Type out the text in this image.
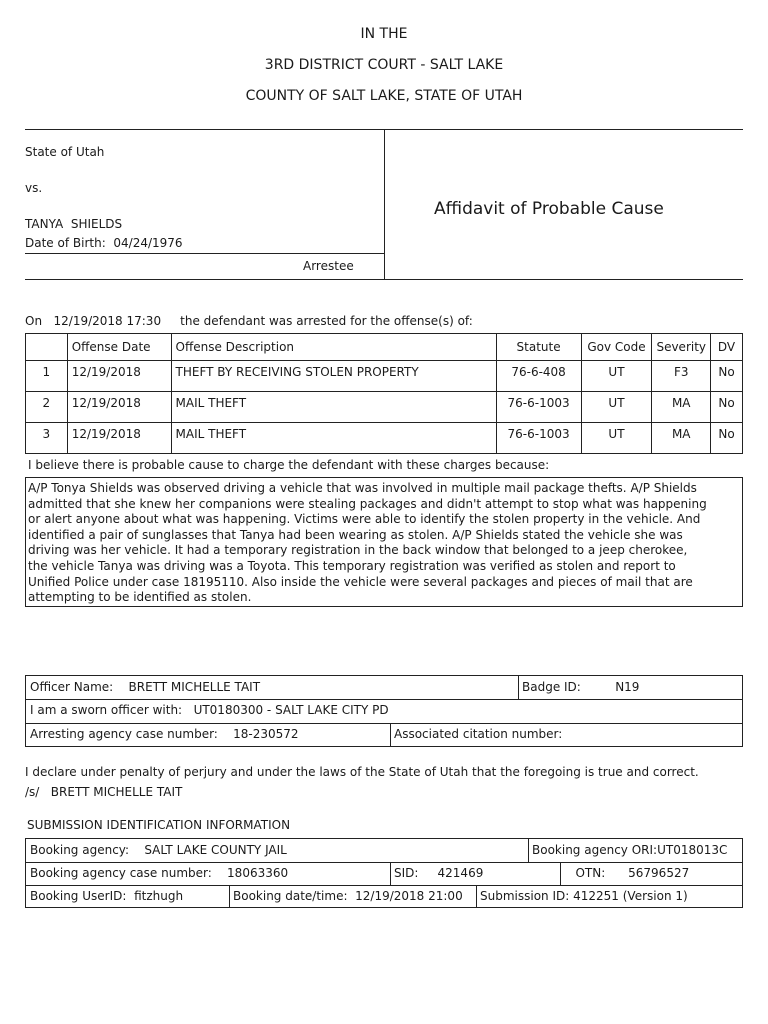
IN THE
3RD DISTRICT COURT - SALT LAKE
COUNTY OF SALT LAKE, STATE OF UTAH
State of Utah
vs.
TANYA  SHIELDS
Date of Birth: 04/24/1976
Arrestee
Affidavit of Probable Cause
On 12/19/2018 17:30 the defendant was arrested for the offense(s) of:
	Offense Date	Offense Description	Statute	Gov Code	Severity	DV
1	12/19/2018	THEFT BY RECEIVING STOLEN PROPERTY	76-6-408	UT	F3	No
2	12/19/2018	MAIL THEFT	76-6-1003	UT	MA	No
3	12/19/2018	MAIL THEFT	76-6-1003	UT	MA	No
I believe there is probable cause to charge the defendant with these charges because:
A/P Tonya Shields was observed driving a vehicle that was involved in multiple mail package thefts. A/P Shields
admitted that she knew her companions were stealing packages and didn't attempt to stop what was happening
or alert anyone about what was happening. Victims were able to identify the stolen property in the vehicle. And
identified a pair of sunglasses that Tanya had been wearing as stolen. A/P Shields stated the vehicle she was
driving was her vehicle. It had a temporary registration in the back window that belonged to a jeep cherokee,
the vehicle Tanya was driving was a Toyota. This temporary registration was verified as stolen and report to
Unified Police under case 18195110. Also inside the vehicle were several packages and pieces of mail that are
attempting to be identified as stolen.
Officer Name: BRETT MICHELLE TAIT	Badge ID:	N19
I am a sworn officer with: UT0180300 - SALT LAKE CITY PD
Arresting agency case number: 18-230572	Associated citation number:
I declare under penalty of perjury and under the laws of the State of Utah that the foregoing is true and correct.
/s/ BRETT MICHELLE TAIT
SUBMISSION IDENTIFICATION INFORMATION
Booking agency: SALT LAKE COUNTY JAIL	Booking agency ORI:UT018013C
Booking agency case number: 18063360	SID: 421469	OTN: 56796527
Booking UserID: fitzhugh	Booking date/time: 12/19/2018 21:00	Submission ID: 412251 (Version 1)
